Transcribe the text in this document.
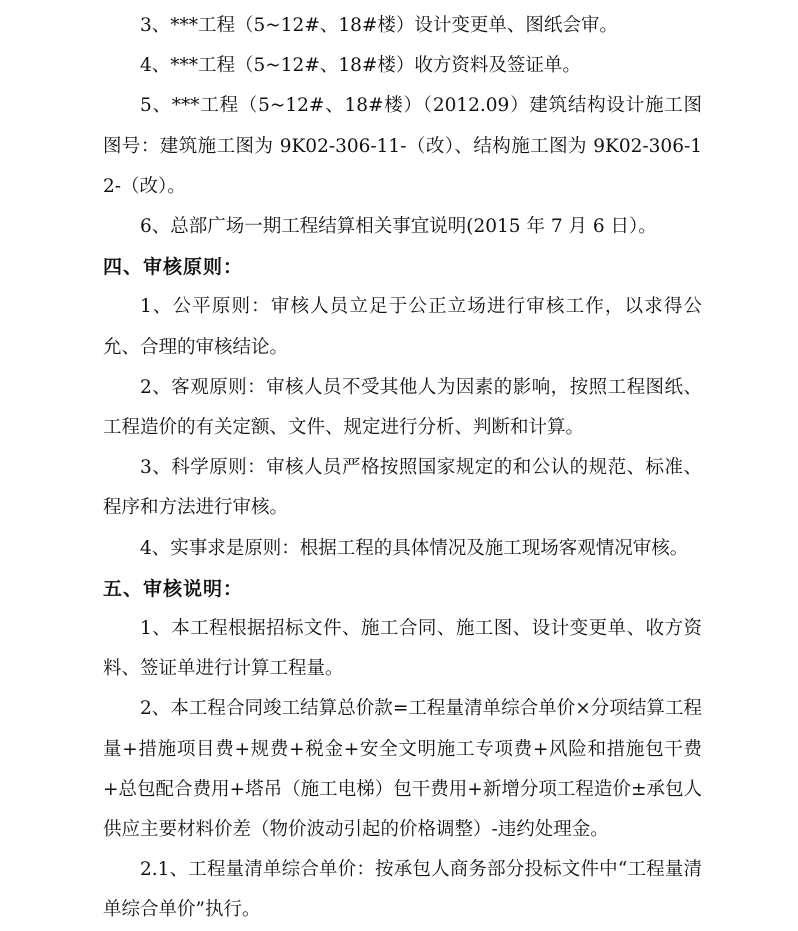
3、***工程（5~12#、18#楼）设计变更单、图纸会审。

4、***工程（5~12#、18#楼）收方资料及签证单。

5、***工程（5~12#、18#楼）（2012.09）建筑结构设计施工图图号：建筑施工图为 9K02-306-11-（改）、结构施工图为 9K02-306-12-（改）。

6、总部广场一期工程结算相关事宜说明(2015 年 7 月 6 日）。

四、审核原则：

1、公平原则：审核人员立足于公正立场进行审核工作，以求得公允、合理的审核结论。

2、客观原则：审核人员不受其他人为因素的影响，按照工程图纸、工程造价的有关定额、文件、规定进行分析、判断和计算。

3、科学原则：审核人员严格按照国家规定的和公认的规范、标准、程序和方法进行审核。

4、实事求是原则：根据工程的具体情况及施工现场客观情况审核。

五、审核说明：

1、本工程根据招标文件、施工合同、施工图、设计变更单、收方资料、签证单进行计算工程量。

2、本工程合同竣工结算总价款=工程量清单综合单价×分项结算工程量+措施项目费+规费+税金+安全文明施工专项费+风险和措施包干费+总包配合费用+塔吊（施工电梯）包干费用+新增分项工程造价±承包人供应主要材料价差（物价波动引起的价格调整）-违约处理金。

2.1、工程量清单综合单价：按承包人商务部分投标文件中“工程量清单综合单价”执行。
